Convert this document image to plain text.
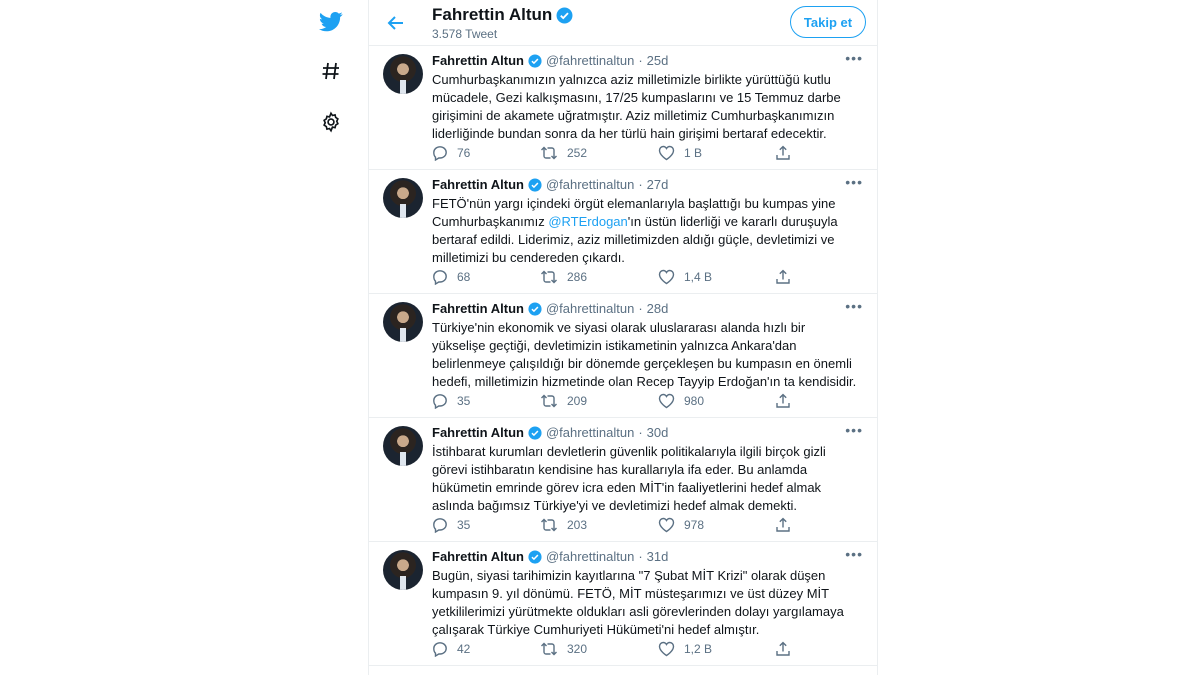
Fahrettin Altun
3.578 Tweet
Takip et
Fahrettin Altun @fahrettinaltun · 25d	•••
Cumhurbaşkanımızın yalnızca aziz milletimizle birlikte yürüttüğü kutlu mücadele, Gezi kalkışmasını, 17/25 kumpaslarını ve 15 Temmuz darbe girişimini de akamete uğratmıştır. Aziz milletimiz Cumhurbaşkanımızın liderliğinde bundan sonra da her türlü hain girişimi bertaraf edecektir.
76	252	1 B
Fahrettin Altun @fahrettinaltun · 27d	•••
FETÖ'nün yargı içindeki örgüt elemanlarıyla başlattığı bu kumpas yine Cumhurbaşkanımız @RTErdogan'ın üstün liderliği ve kararlı duruşuyla bertaraf edildi. Liderimiz, aziz milletimizden aldığı güçle, devletimizi ve milletimizi bu cendereden çıkardı.
68	286	1,4 B
Fahrettin Altun @fahrettinaltun · 28d	•••
Türkiye'nin ekonomik ve siyasi olarak uluslararası alanda hızlı bir yükselişe geçtiği, devletimizin istikametinin yalnızca Ankara'dan belirlenmeye çalışıldığı bir dönemde gerçekleşen bu kumpasın en önemli hedefi, milletimizin hizmetinde olan Recep Tayyip Erdoğan'ın ta kendisidir.
35	209	980
Fahrettin Altun @fahrettinaltun · 30d	•••
İstihbarat kurumları devletlerin güvenlik politikalarıyla ilgili birçok gizli görevi istihbaratın kendisine has kurallarıyla ifa eder. Bu anlamda hükümetin emrinde görev icra eden MİT'in faaliyetlerini hedef almak aslında bağımsız Türkiye'yi ve devletimizi hedef almak demekti.
35	203	978
Fahrettin Altun @fahrettinaltun · 31d	•••
Bugün, siyasi tarihimizin kayıtlarına "7 Şubat MİT Krizi" olarak düşen kumpasın 9. yıl dönümü. FETÖ, MİT müsteşarımızı ve üst düzey MİT yetkililerimizi yürütmekte oldukları asli görevlerinden dolayı yargılamaya çalışarak Türkiye Cumhuriyeti Hükümeti'ni hedef almıştır.
42	320	1,2 B
